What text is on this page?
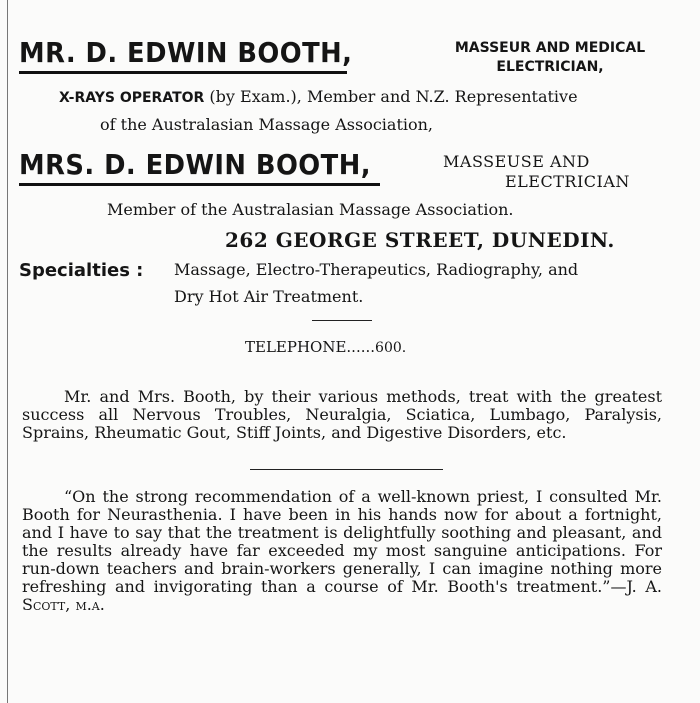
MR. D. EDWIN BOOTH,	MASSEUR AND MEDICAL ELECTRICIAN,
X-RAYS OPERATOR (by Exam.), Member and N.Z. Representative
of the Australasian Massage Association,
MRS. D. EDWIN BOOTH,	MASSEUSE AND
ELECTRICIAN
Member of the Australasian Massage Association.
262 GEORGE STREET, DUNEDIN.
Specialties : Massage, Electro-Therapeutics, Radiography, and
Dry Hot Air Treatment.
TELEPHONE......600.

Mr. and Mrs. Booth, by their various methods, treat with the greatest success all Nervous Troubles, Neuralgia, Sciatica, Lumbago, Paralysis, Sprains, Rheumatic Gout, Stiff Joints, and Digestive Disorders, etc.

“On the strong recommendation of a well-known priest, I consulted Mr. Booth for Neurasthenia. I have been in his hands now for about a fortnight, and I have to say that the treatment is delightfully soothing and pleasant, and the results already have far exceeded my most sanguine anticipations. For run-down teachers and brain-workers generally, I can imagine nothing more refreshing and invigorating than a course of Mr. Booth's treatment.”—J. A. Scott, m.a.
